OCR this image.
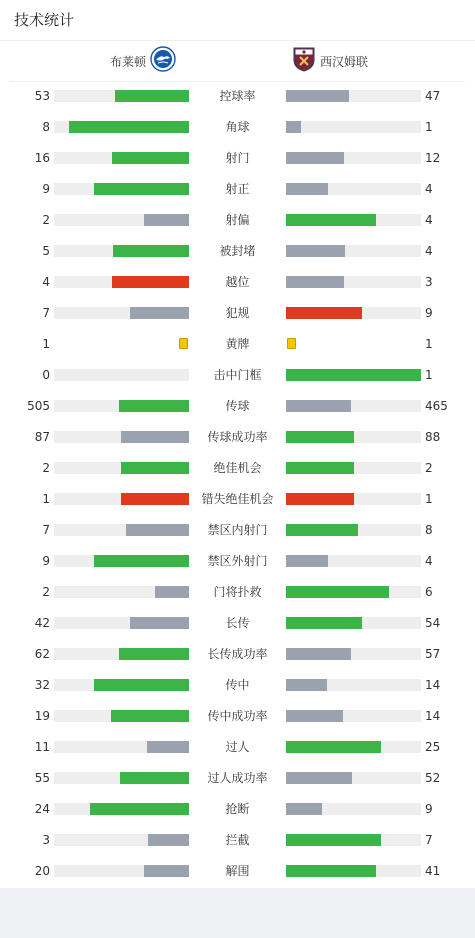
技术统计
布莱顿	西汉姆联
53	控球率	47
8	角球	1
16	射门	12
9	射正	4
2	射偏	4
5	被封堵	4
4	越位	3
7	犯规	9
1	黄牌	1
0	击中门框	1
505	传球	465
87	传球成功率	88
2	绝佳机会	2
1	错失绝佳机会	1
7	禁区内射门	8
9	禁区外射门	4
2	门将扑救	6
42	长传	54
62	长传成功率	57
32	传中	14
19	传中成功率	14
11	过人	25
55	过人成功率	52
24	抢断	9
3	拦截	7
20	解围	41
